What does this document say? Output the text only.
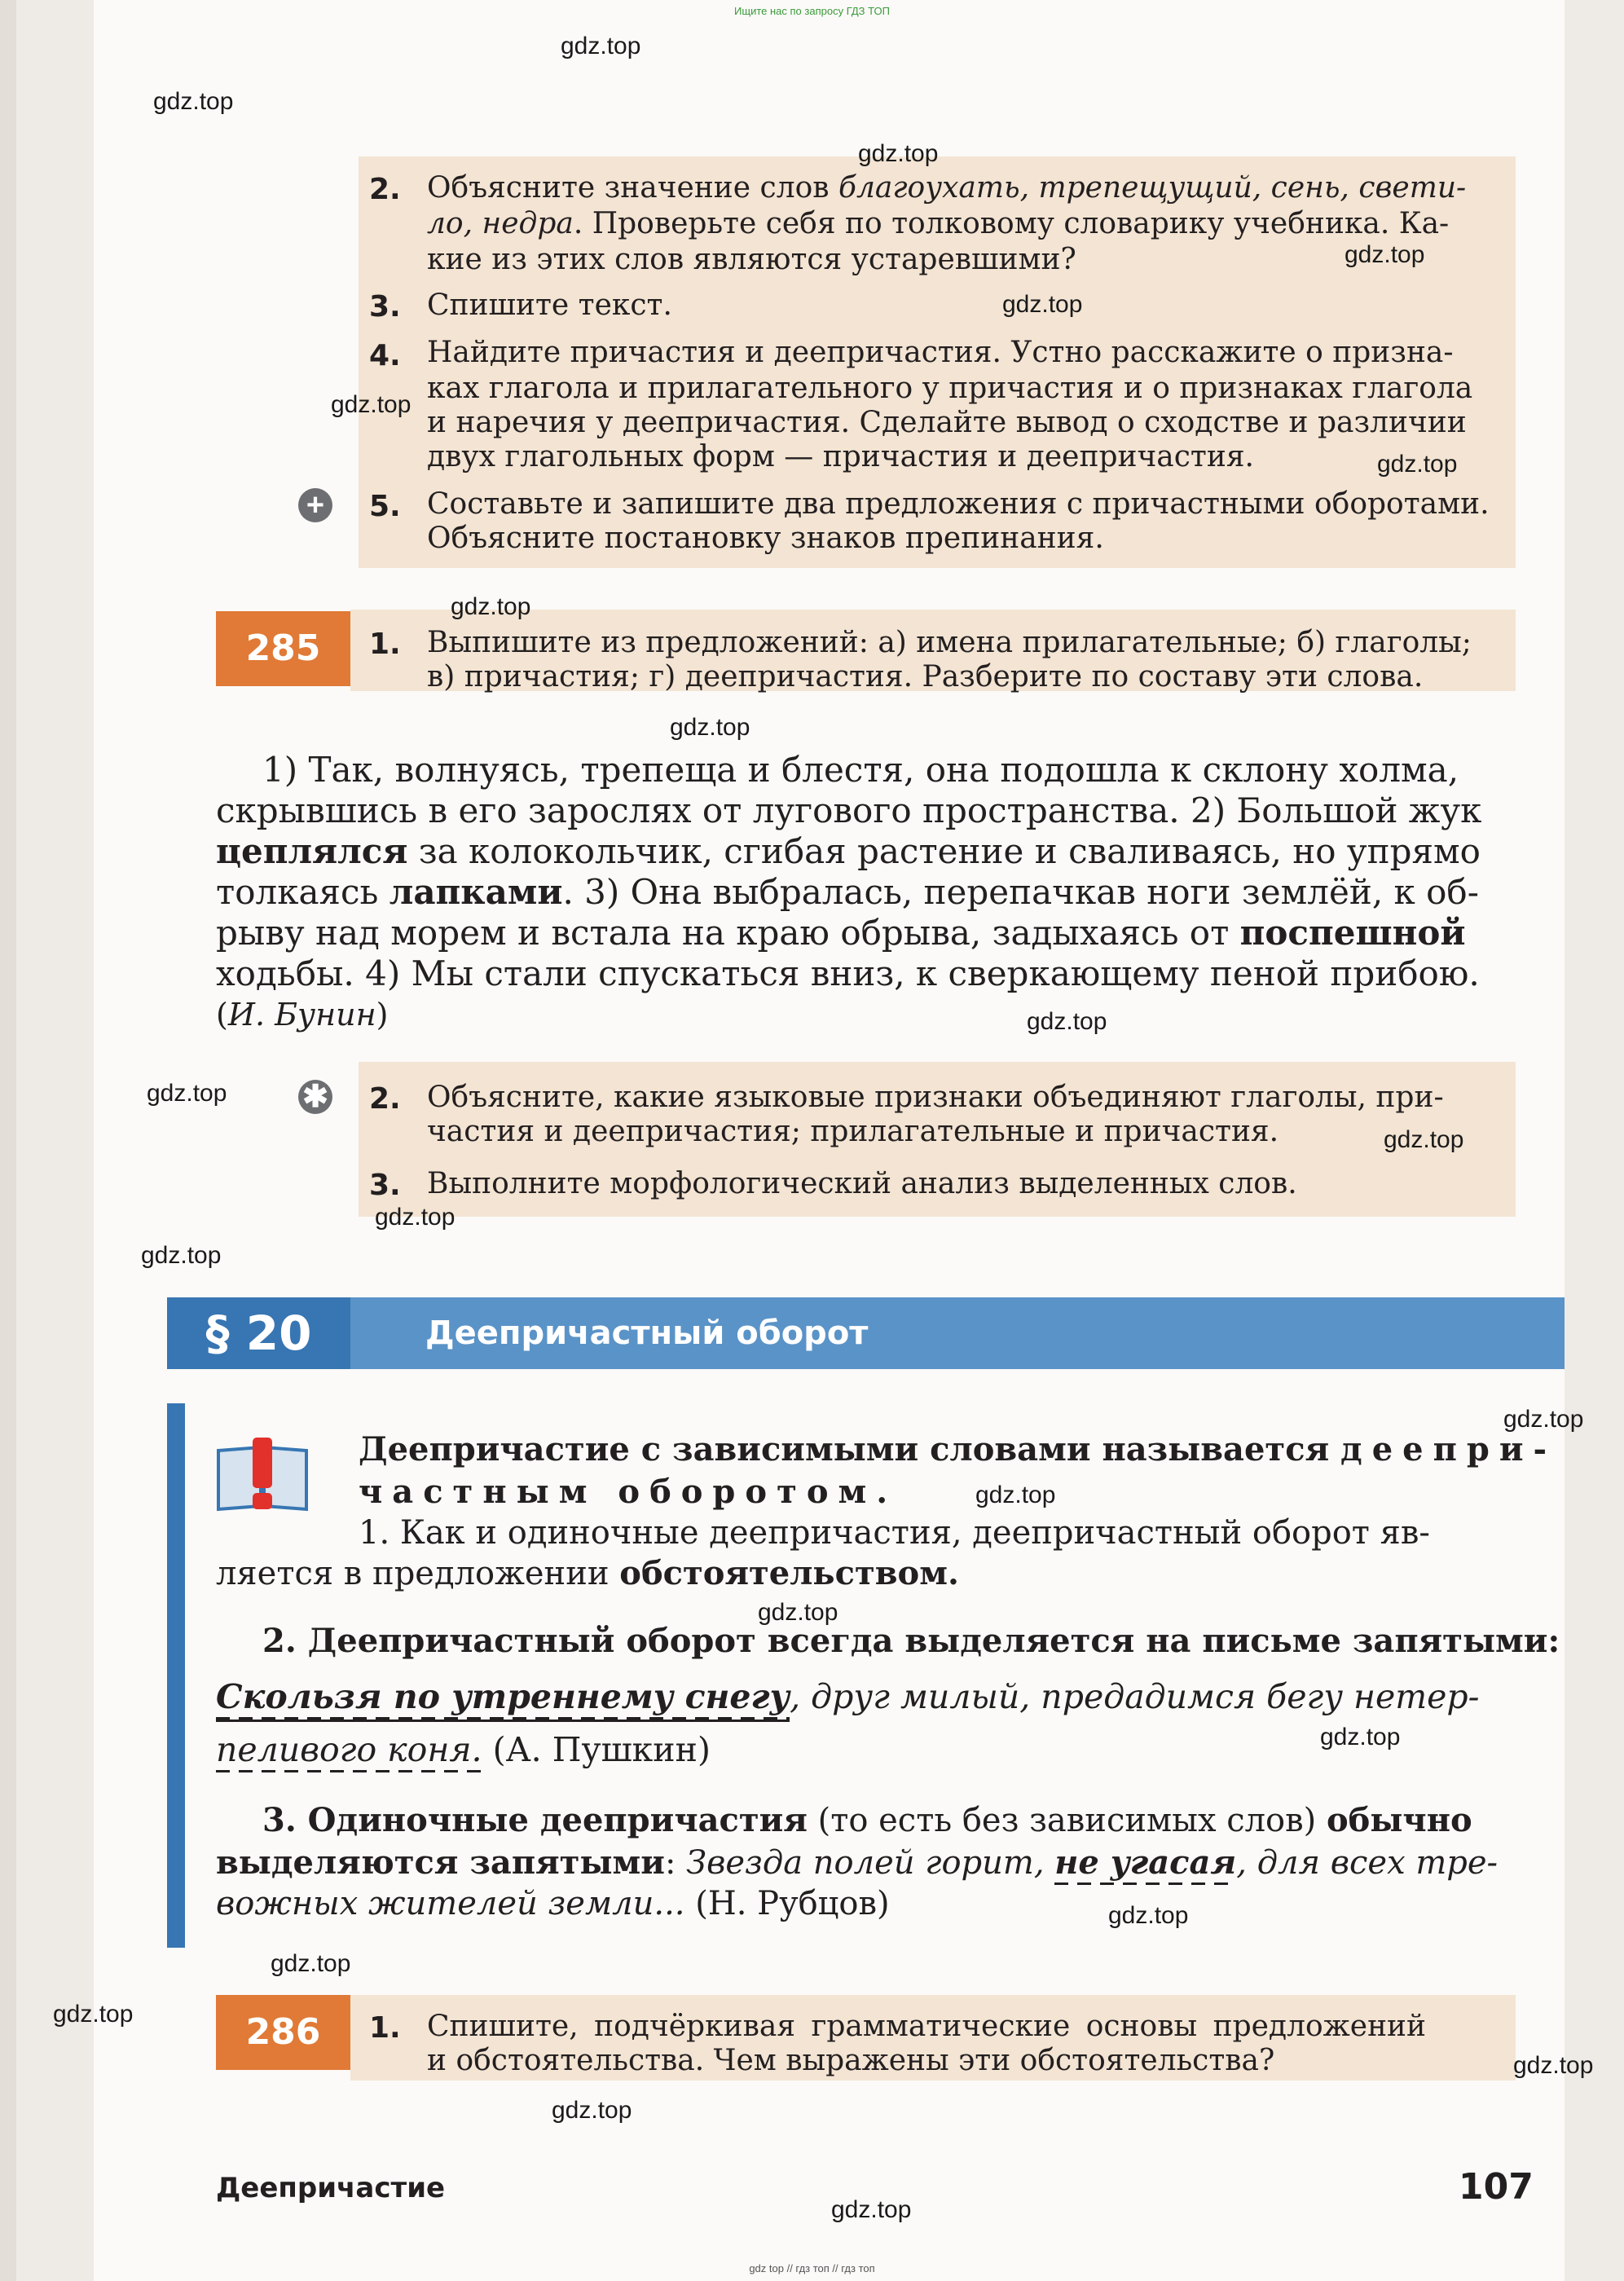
Ищите нас по запросу ГДЗ ТОП
2. Объясните значение слов благоухать, трепещущий, сень, свети-
ло, недра. Проверьте себя по толковому словарику учебника. Ка-
кие из этих слов являются устаревшими?
3. Спишите текст.
4. Найдите причастия и деепричастия. Устно расскажите о призна-
ках глагола и прилагательного у причастия и о признаках глагола
и наречия у деепричастия. Сделайте вывод о сходстве и различии
двух глагольных форм — причастия и деепричастия.
+ 5. Составьте и запишите два предложения с причастными оборотами.
Объясните постановку знаков препинания.
285	1. Выпишите из предложений: а) имена прилагательные; б) глаголы;
в) причастия; г) деепричастия. Разберите по составу эти слова.
1) Так, волнуясь, трепеща и блестя, она подошла к склону холма,
скрывшись в его зарослях от лугового пространства. 2) Большой жук
цеплялся за колокольчик, сгибая растение и сваливаясь, но упрямо
толкаясь лапками. 3) Она выбралась, перепачкав ноги землёй, к об-
рыву над морем и встала на краю обрыва, задыхаясь от поспешной
ходьбы. 4) Мы стали спускаться вниз, к сверкающему пеной прибою.
(И. Бунин)
✱ 2. Объясните, какие языковые признаки объединяют глаголы, при-
частия и деепричастия; прилагательные и причастия.
3. Выполните морфологический анализ выделенных слов.
§ 20	Деепричастный оборот
Деепричастие с зависимыми словами называется деепри-
частным оборотом.
1. Как и одиночные деепричастия, деепричастный оборот яв-
ляется в предложении обстоятельством.
2. Деепричастный оборот всегда выделяется на письме запятыми:
Скользя по утреннему снегу, друг милый, предадимся бегу нетер-
пеливого коня. (А. Пушкин)
3. Одиночные деепричастия (то есть без зависимых слов) обычно
выделяются запятыми: Звезда полей горит, не угасая, для всех тре-
вожных жителей земли... (Н. Рубцов)
286	1. Спишите, подчёркивая грамматические основы предложений
и обстоятельства. Чем выражены эти обстоятельства?
Деепричастие	107
gdz.top
gdz.top
gdz.top
gdz.top
gdz.top
gdz.top
gdz.top
gdz.top
gdz.top
gdz.top
gdz.top
gdz.top
gdz.top
gdz.top
gdz.top
gdz.top
gdz.top
gdz.top
gdz.top
gdz.top
gdz.top
gdz.top
gdz.top
gdz.top
gdz top // гдз топ // гдз топ
